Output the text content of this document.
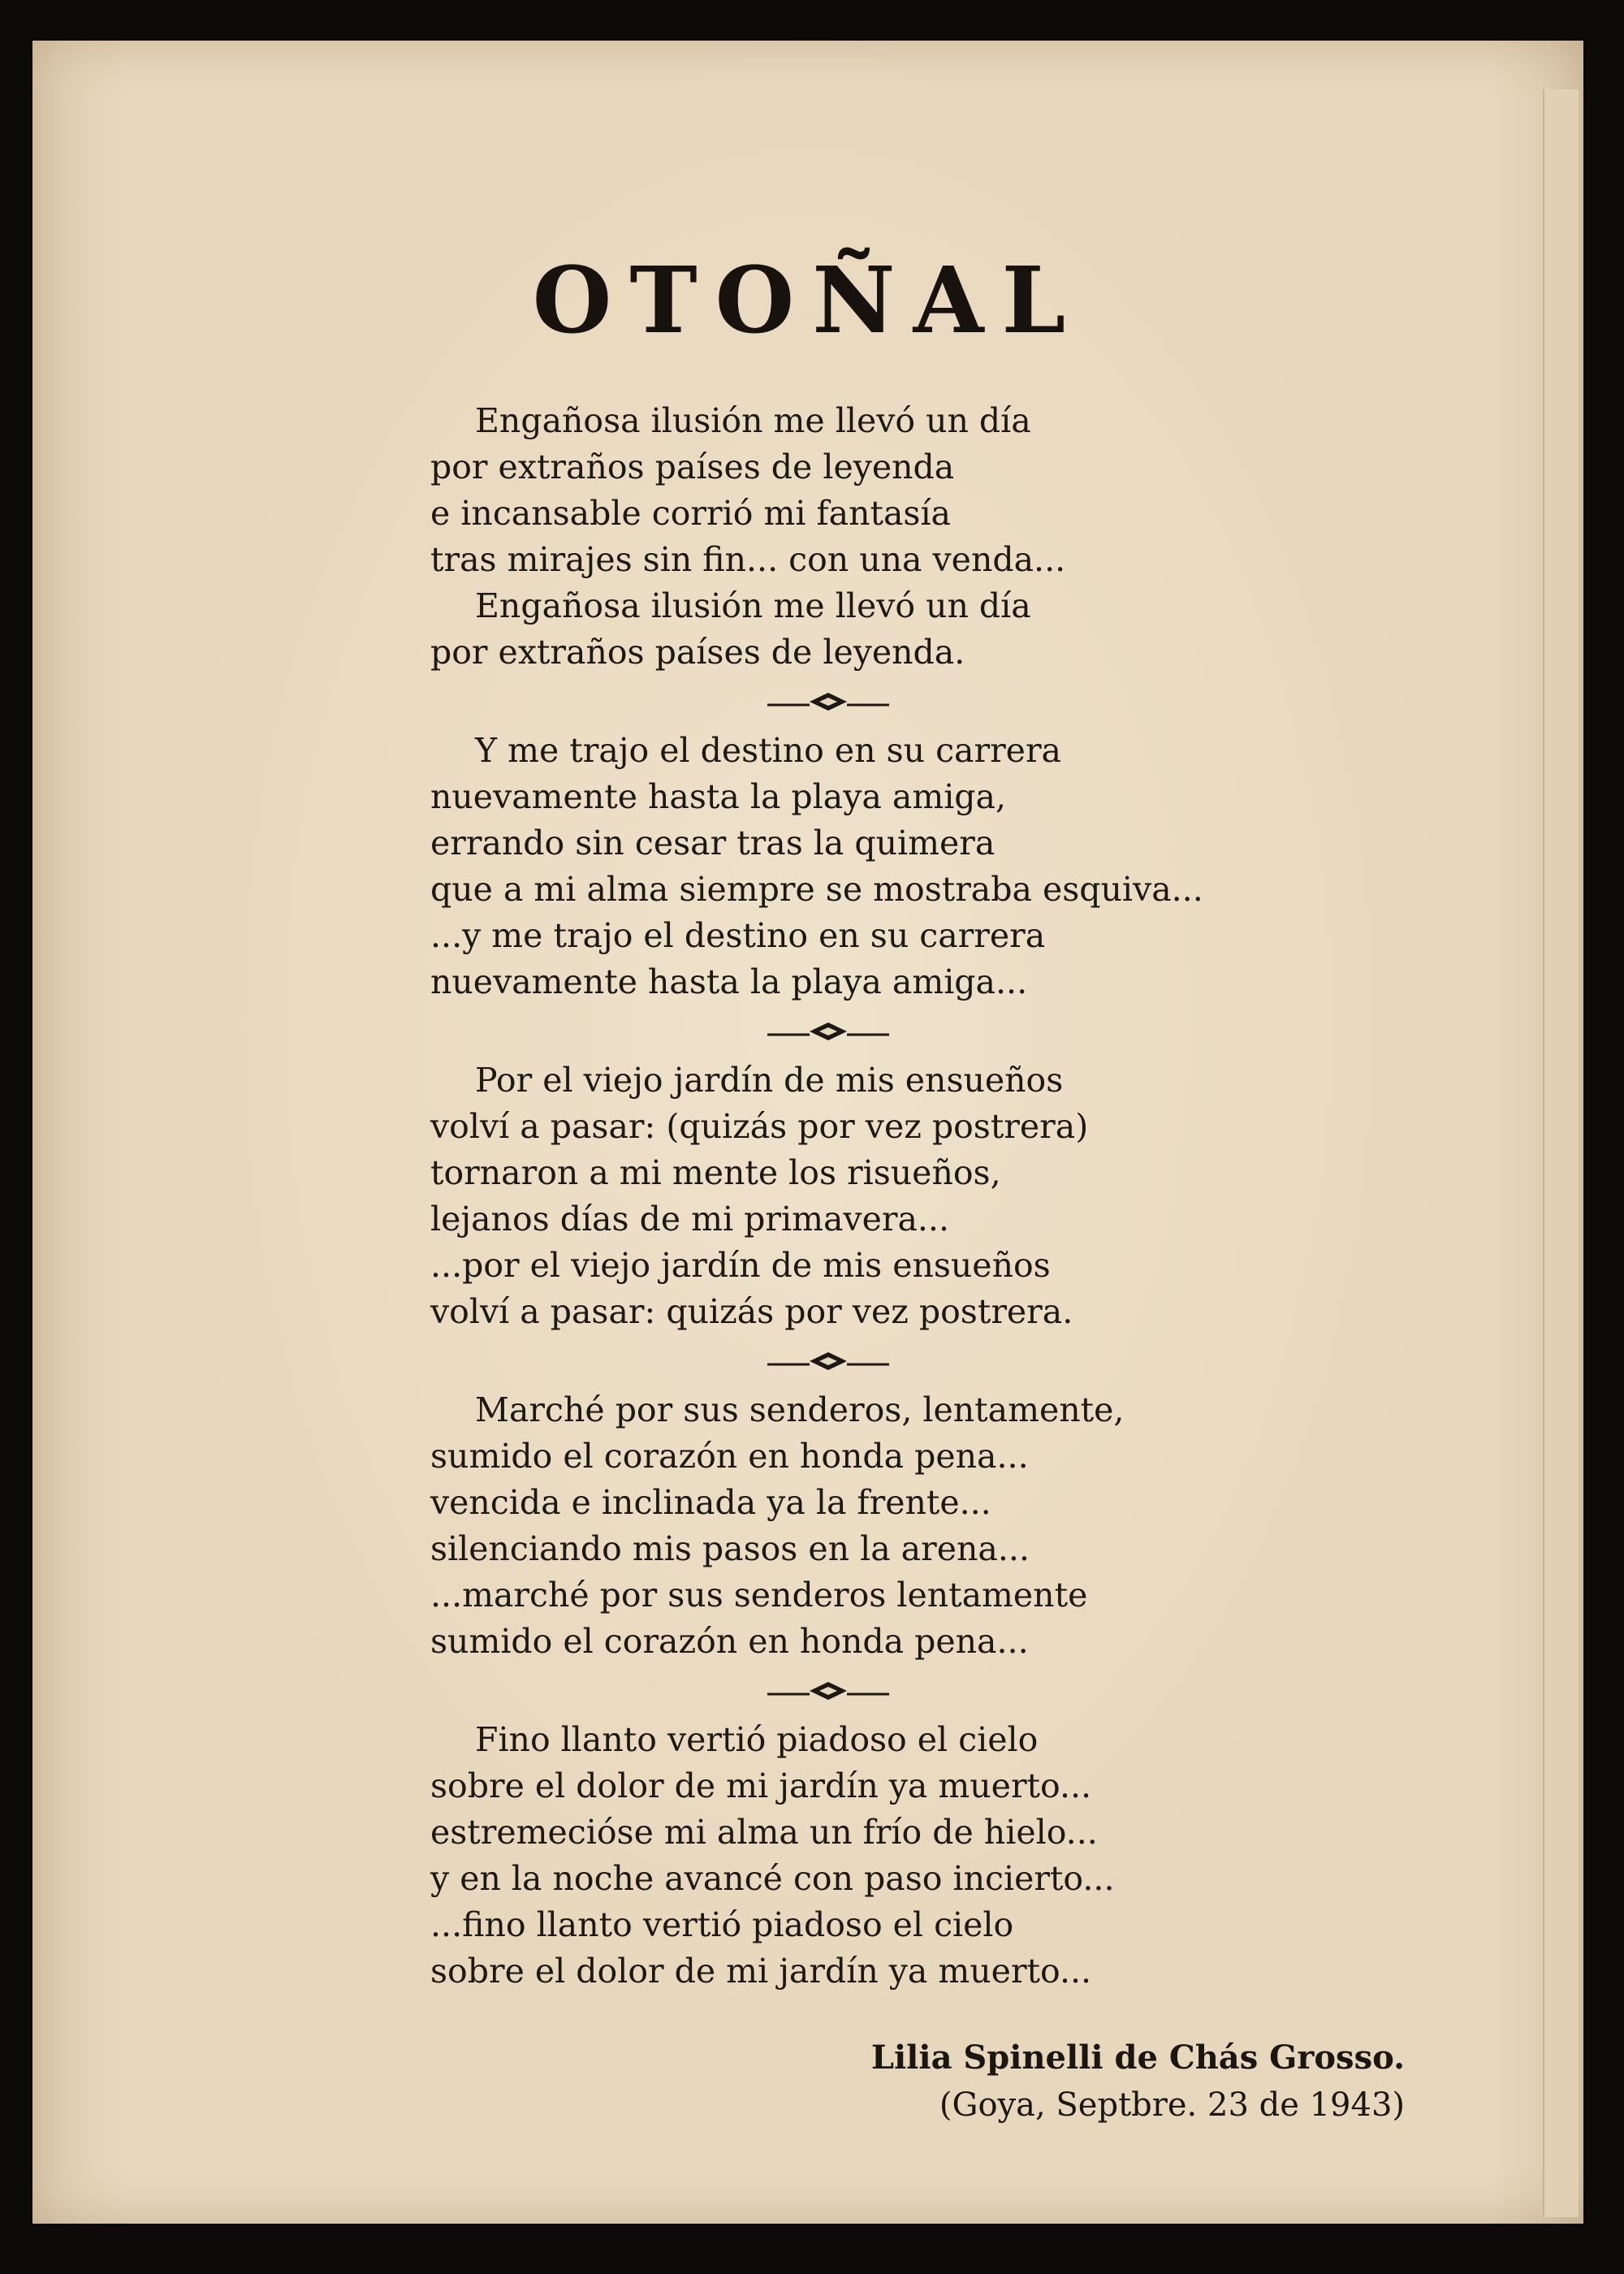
OTOÑAL
Engañosa ilusión me llevó un día
por extraños países de leyenda
e incansable corrió mi fantasía
tras mirajes sin fin... con una venda...
Engañosa ilusión me llevó un día
por extraños países de leyenda.
Y me trajo el destino en su carrera
nuevamente hasta la playa amiga,
errando sin cesar tras la quimera
que a mi alma siempre se mostraba esquiva...
...y me trajo el destino en su carrera
nuevamente hasta la playa amiga...
Por el viejo jardín de mis ensueños
volví a pasar: (quizás por vez postrera)
tornaron a mi mente los risueños,
lejanos días de mi primavera...
...por el viejo jardín de mis ensueños
volví a pasar: quizás por vez postrera.
Marché por sus senderos, lentamente,
sumido el corazón en honda pena...
vencida e inclinada ya la frente...
silenciando mis pasos en la arena...
...marché por sus senderos lentamente
sumido el corazón en honda pena...
Fino llanto vertió piadoso el cielo
sobre el dolor de mi jardín ya muerto...
estremecióse mi alma un frío de hielo...
y en la noche avancé con paso incierto...
...fino llanto vertió piadoso el cielo
sobre el dolor de mi jardín ya muerto...
Lilia Spinelli de Chás Grosso.
(Goya, Septbre. 23 de 1943)
